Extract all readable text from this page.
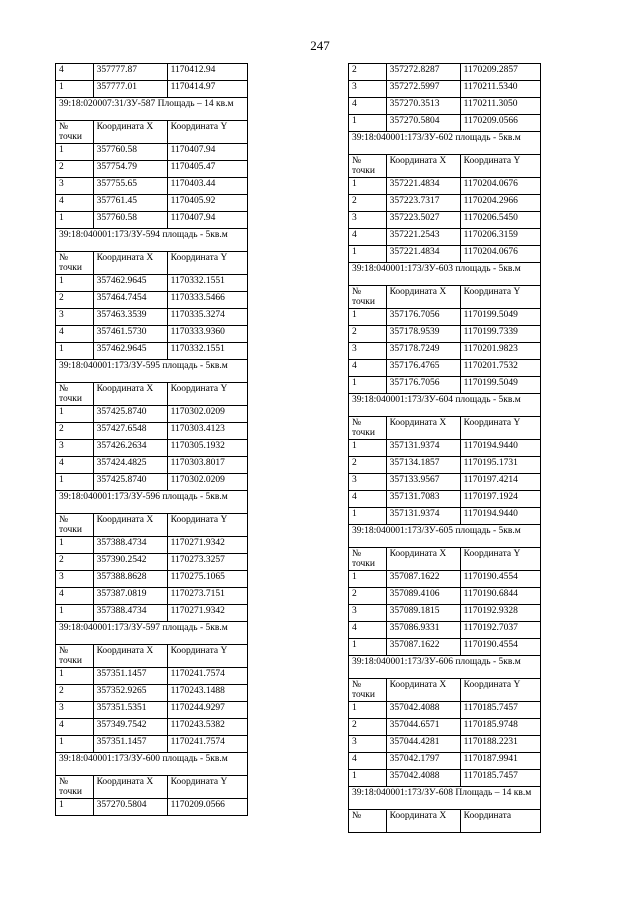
247
4	357777.87	1170412.94
1	357777.01	1170414.97
39:18:020007:31/ЗУ-587 Площадь – 14 кв.м		
№ точки	Координата X	Координата Y
1	357760.58	1170407.94
2	357754.79	1170405.47
3	357755.65	1170403.44
4	357761.45	1170405.92
1	357760.58	1170407.94
39:18:040001:173/ЗУ-594 площадь - 5кв.м		
№ точки	Координата X	Координата Y
1	357462.9645	1170332.1551
2	357464.7454	1170333.5466
3	357463.3539	1170335.3274
4	357461.5730	1170333.9360
1	357462.9645	1170332.1551
39:18:040001:173/ЗУ-595 площадь - 5кв.м		
№ точки	Координата X	Координата Y
1	357425.8740	1170302.0209
2	357427.6548	1170303.4123
3	357426.2634	1170305.1932
4	357424.4825	1170303.8017
1	357425.8740	1170302.0209
39:18:040001:173/ЗУ-596 площадь - 5кв.м		
№ точки	Координата X	Координата Y
1	357388.4734	1170271.9342
2	357390.2542	1170273.3257
3	357388.8628	1170275.1065
4	357387.0819	1170273.7151
1	357388.4734	1170271.9342
39:18:040001:173/ЗУ-597 площадь - 5кв.м		
№ точки	Координата X	Координата Y
1	357351.1457	1170241.7574
2	357352.9265	1170243.1488
3	357351.5351	1170244.9297
4	357349.7542	1170243.5382
1	357351.1457	1170241.7574
39:18:040001:173/ЗУ-600 площадь - 5кв.м		
№ точки	Координата X	Координата Y
1	357270.5804	1170209.0566
2	357272.8287	1170209.2857
3	357272.5997	1170211.5340
4	357270.3513	1170211.3050
1	357270.5804	1170209.0566
39:18:040001:173/ЗУ-602 площадь - 5кв.м		
№ точки	Координата X	Координата Y
1	357221.4834	1170204.0676
2	357223.7317	1170204.2966
3	357223.5027	1170206.5450
4	357221.2543	1170206.3159
1	357221.4834	1170204.0676
39:18:040001:173/ЗУ-603 площадь - 5кв.м		
№ точки	Координата X	Координата Y
1	357176.7056	1170199.5049
2	357178.9539	1170199.7339
3	357178.7249	1170201.9823
4	357176.4765	1170201.7532
1	357176.7056	1170199.5049
39:18:040001:173/ЗУ-604 площадь - 5кв.м		
№ точки	Координата X	Координата Y
1	357131.9374	1170194.9440
2	357134.1857	1170195.1731
3	357133.9567	1170197.4214
4	357131.7083	1170197.1924
1	357131.9374	1170194.9440
39:18:040001:173/ЗУ-605 площадь - 5кв.м		
№ точки	Координата X	Координата Y
1	357087.1622	1170190.4554
2	357089.4106	1170190.6844
3	357089.1815	1170192.9328
4	357086.9331	1170192.7037
1	357087.1622	1170190.4554
39:18:040001:173/ЗУ-606 площадь - 5кв.м		
№ точки	Координата X	Координата Y
1	357042.4088	1170185.7457
2	357044.6571	1170185.9748
3	357044.4281	1170188.2231
4	357042.1797	1170187.9941
1	357042.4088	1170185.7457
39:18:040001:173/ЗУ-608 Площадь – 14 кв.м		
№	Координата X	Координата
